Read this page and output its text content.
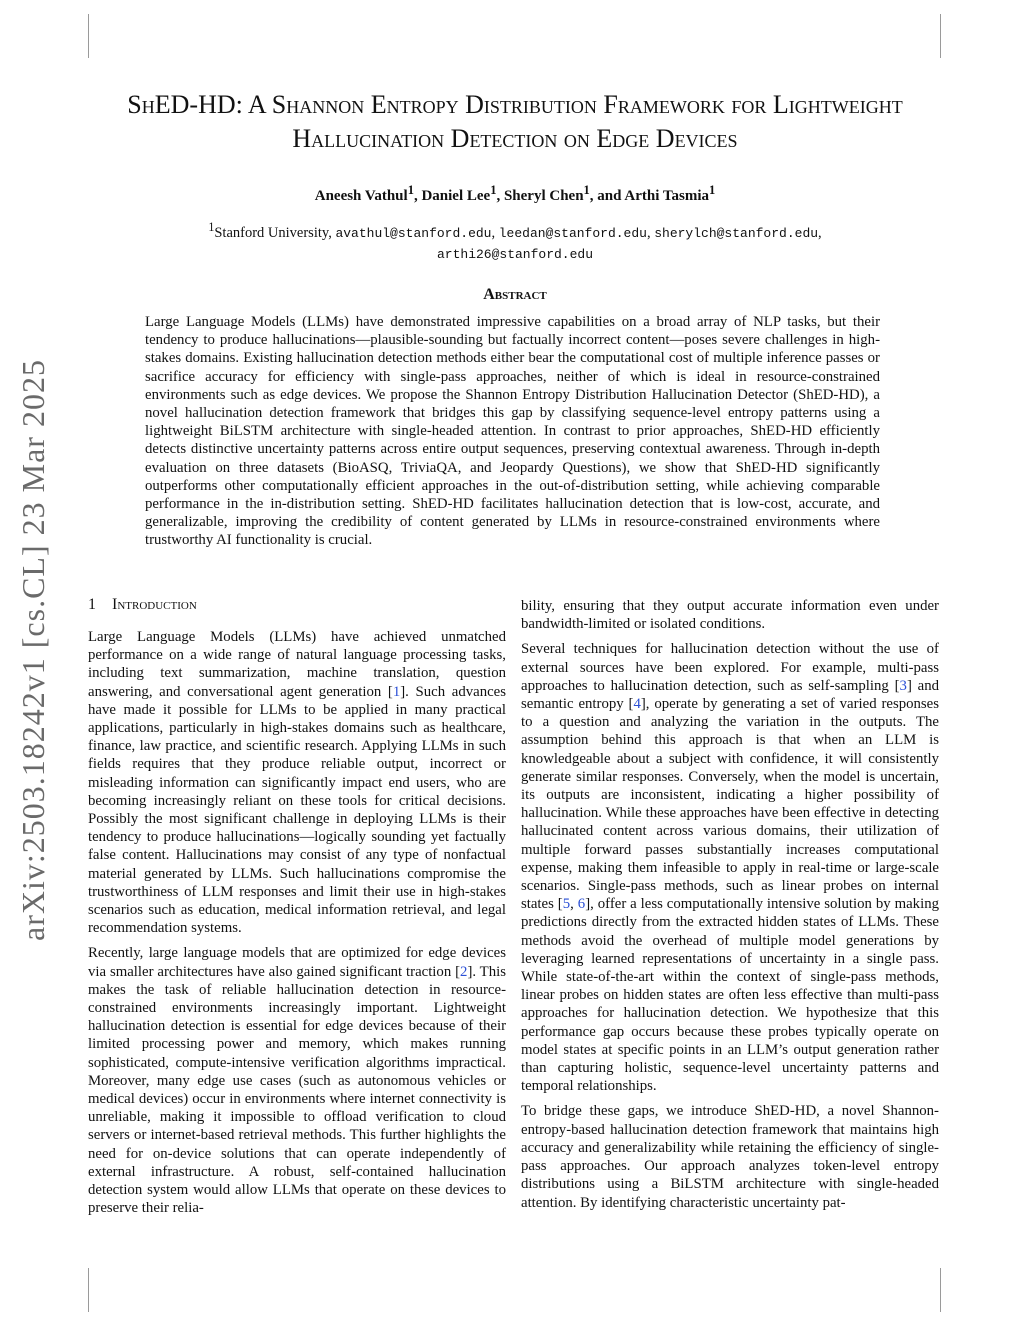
arXiv:2503.18242v1 [cs.CL] 23 Mar 2025
ShED-HD: A Shannon Entropy Distribution Framework for Lightweight
Hallucination Detection on Edge Devices
Aneesh Vathul$^1$, Daniel Lee$^1$, Sheryl Chen$^1$, and Arthi Tasmia$^1$
$^1$Stanford University, avathul@stanford.edu, leedan@stanford.edu, sherylch@stanford.edu,
arthi26@stanford.edu
Abstract
Large Language Models (LLMs) have demonstrated impressive capabilities on a broad array of NLP tasks, but their tendency to produce hallucinations—plausible-sounding but factually incorrect content—poses severe challenges in high-stakes domains. Existing hallucination detection methods either bear the computational cost of multiple inference passes or sacrifice accuracy for efficiency with single-pass approaches, neither of which is ideal in resource-constrained environments such as edge devices. We propose the Shannon Entropy Distribution Hallucination Detector (ShED-HD), a novel hallucination detection framework that bridges this gap by classifying sequence-level entropy patterns using a lightweight BiLSTM architecture with single-headed attention. In contrast to prior approaches, ShED-HD efficiently detects distinctive uncertainty patterns across entire output sequences, preserving contextual awareness. Through in-depth evaluation on three datasets (BioASQ, TriviaQA, and Jeopardy Questions), we show that ShED-HD significantly outperforms other computationally efficient approaches in the out-of-distribution setting, while achieving comparable performance in the in-distribution setting. ShED-HD facilitates hallucination detection that is low-cost, accurate, and generalizable, improving the credibility of content generated by LLMs in resource-constrained environments where trustworthy AI functionality is crucial.
1 Introduction

Large Language Models (LLMs) have achieved unmatched performance on a wide range of natural language processing tasks, including text summarization, machine translation, question answering, and conversational agent generation [1]. Such advances have made it possible for LLMs to be applied in many practical applications, particularly in high-stakes domains such as healthcare, finance, law practice, and scientific research. Applying LLMs in such fields requires that they produce reliable output, incorrect or misleading information can significantly impact end users, who are becoming increasingly reliant on these tools for critical decisions. Possibly the most significant challenge in deploying LLMs is their tendency to produce hallucinations—logically sounding yet factually false content. Hallucinations may consist of any type of nonfactual material generated by LLMs. Such hallucinations compromise the trustworthiness of LLM responses and limit their use in high-stakes scenarios such as education, medical information retrieval, and legal recommendation systems.

Recently, large language models that are optimized for edge devices via smaller architectures have also gained significant traction [2]. This makes the task of reliable hallucination detection in resource-constrained environments increasingly important. Lightweight hallucination detection is essential for edge devices because of their limited processing power and memory, which makes running sophisticated, compute-intensive verification algorithms impractical. Moreover, many edge use cases (such as autonomous vehicles or medical devices) occur in environments where internet connectivity is unreliable, making it impossible to offload verification to cloud servers or internet-based retrieval methods. This further highlights the need for on-device solutions that can operate independently of external infrastructure. A robust, self-contained hallucination detection system would allow LLMs that operate on these devices to preserve their relia-

bility, ensuring that they output accurate information even under bandwidth-limited or isolated conditions.

Several techniques for hallucination detection without the use of external sources have been explored. For example, multi-pass approaches to hallucination detection, such as self-sampling [3] and semantic entropy [4], operate by generating a set of varied responses to a question and analyzing the variation in the outputs. The assumption behind this approach is that when an LLM is knowledgeable about a subject with confidence, it will consistently generate similar responses. Conversely, when the model is uncertain, its outputs are inconsistent, indicating a higher possibility of hallucination. While these approaches have been effective in detecting hallucinated content across various domains, their utilization of multiple forward passes substantially increases computational expense, making them infeasible to apply in real-time or large-scale scenarios. Single-pass methods, such as linear probes on internal states [5, 6], offer a less computationally intensive solution by making predictions directly from the extracted hidden states of LLMs. These methods avoid the overhead of multiple model generations by leveraging learned representations of uncertainty in a single pass. While state-of-the-art within the context of single-pass methods, linear probes on hidden states are often less effective than multi-pass approaches for hallucination detection. We hypothesize that this performance gap occurs because these probes typically operate on model states at specific points in an LLM’s output generation rather than capturing holistic, sequence-level uncertainty patterns and temporal relationships.

To bridge these gaps, we introduce ShED-HD, a novel Shannon-entropy-based hallucination detection framework that maintains high accuracy and generalizability while retaining the efficiency of single-pass approaches. Our approach analyzes token-level entropy distributions using a BiLSTM architecture with single-headed attention. By identifying characteristic uncertainty pat-
